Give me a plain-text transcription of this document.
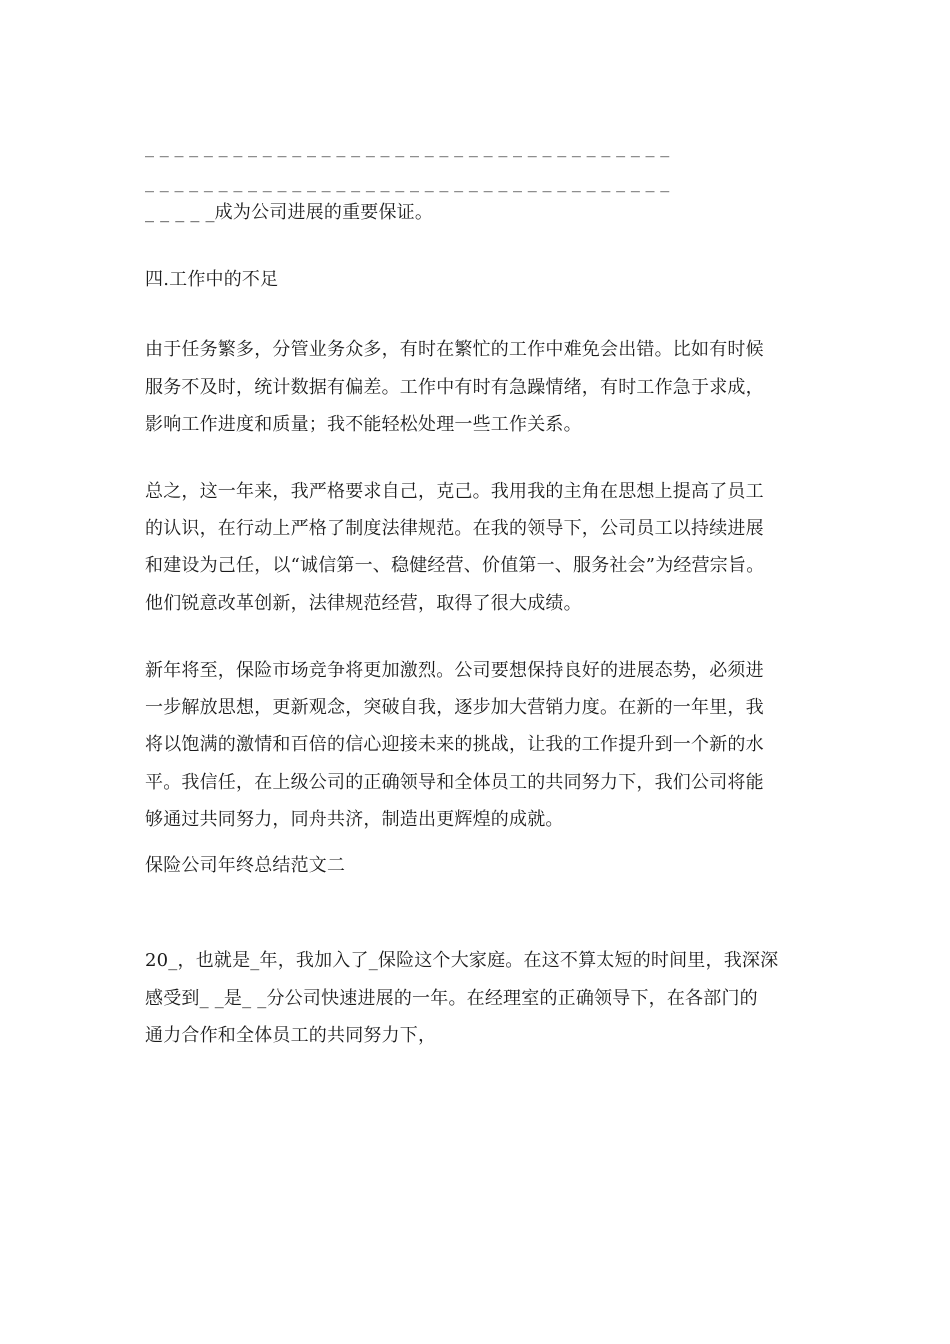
_ _ _ _ _ _ _ _ _ _ _ _ _ _ _ _ _ _ _ _ _ _ _ _ _ _ _ _ _ _ _ _ _ _ _ _
_ _ _ _ _ _ _ _ _ _ _ _ _ _ _ _ _ _ _ _ _ _ _ _ _ _ _ _ _ _ _ _ _ _ _ _
_ _ _ _ _成为公司进展的重要保证。
四.工作中的不足
由于任务繁多，分管业务众多，有时在繁忙的工作中难免会出错。比如有时候
服务不及时，统计数据有偏差。工作中有时有急躁情绪，有时工作急于求成，
影响工作进度和质量；我不能轻松处理一些工作关系。
总之，这一年来，我严格要求自己，克己。我用我的主角在思想上提高了员工
的认识，在行动上严格了制度法律规范。在我的领导下，公司员工以持续进展
和建设为己任，以“诚信第一、稳健经营、价值第一、服务社会”为经营宗旨。
他们锐意改革创新，法律规范经营，取得了很大成绩。
新年将至，保险市场竞争将更加激烈。公司要想保持良好的进展态势，必须进
一步解放思想，更新观念，突破自我，逐步加大营销力度。在新的一年里，我
将以饱满的激情和百倍的信心迎接未来的挑战，让我的工作提升到一个新的水
平。我信任，在上级公司的正确领导和全体员工的共同努力下，我们公司将能
够通过共同努力，同舟共济，制造出更辉煌的成就。
保险公司年终总结范文二
20_，也就是_年，我加入了_保险这个大家庭。在这不算太短的时间里，我深深
感受到_ _是_ _分公司快速进展的一年。在经理室的正确领导下，在各部门的
通力合作和全体员工的共同努力下，
